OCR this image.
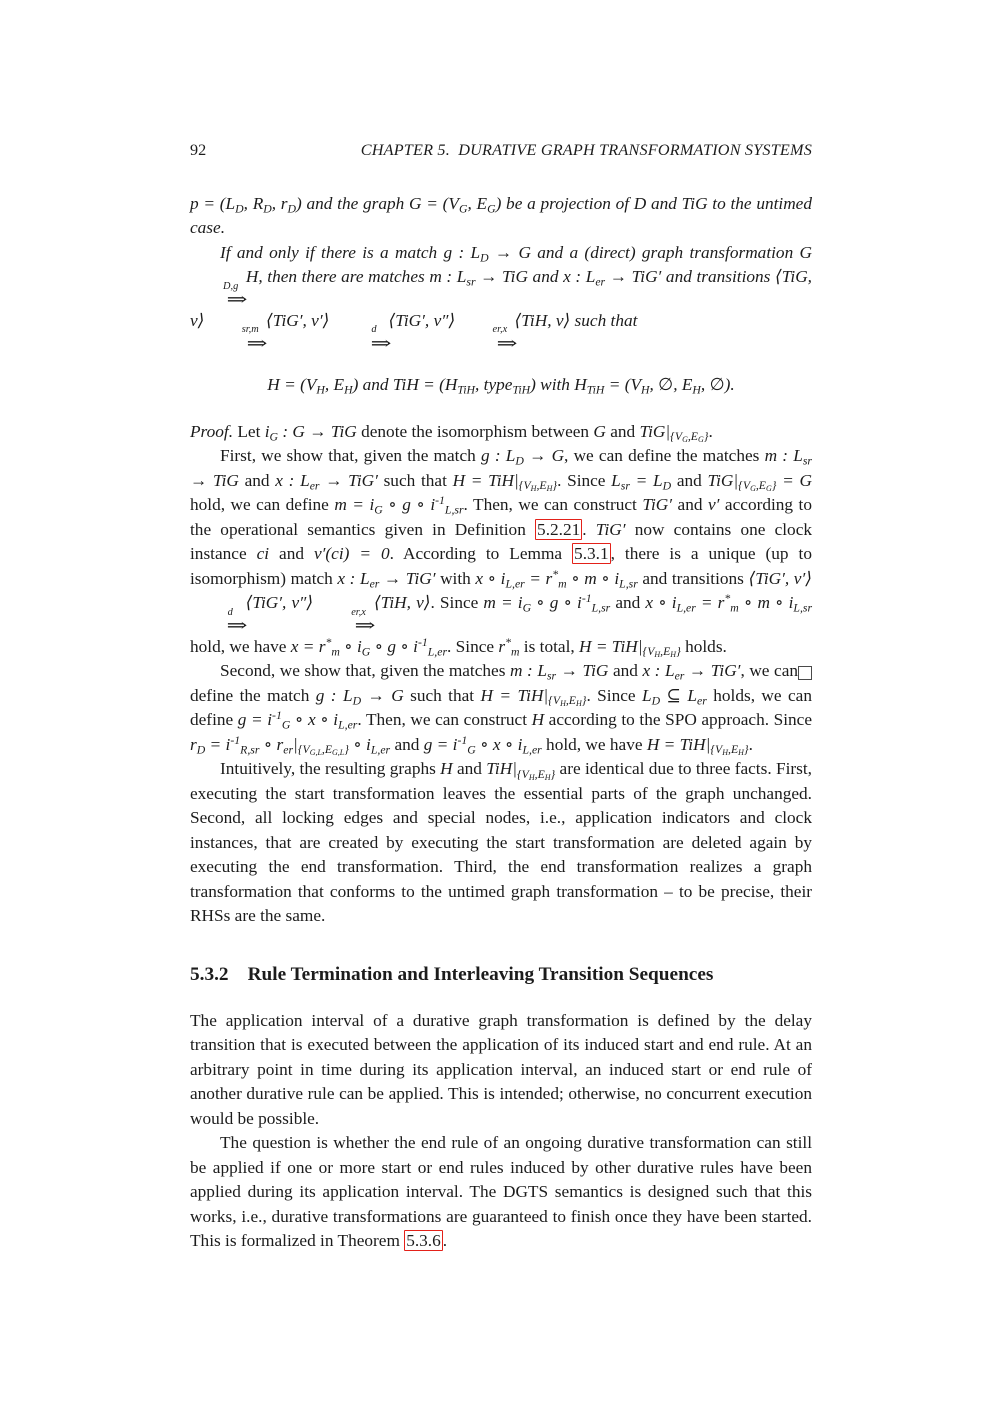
92	CHAPTER 5. DURATIVE GRAPH TRANSFORMATION SYSTEMS

$p = (L_D$, $R_D$, $r_D$) and the graph $G = (V_G$, $E_G$) be a projection of D and TiG to the untimed case.

If and only if there is a match g : $L_D \to G$ and a (direct) graph transformation G
D,g
⇒
H, then there are matches m : $L_{sr}$ → TiG and x : $L_{er} \to TiG'$ and transitions ⟨TiG, v⟩
sr,m
⇒
⟨TiG′, v′⟩
d
⇒
⟨TiG′, v″⟩
er,x
⇒
⟨TiH, v⟩ such that

$H = (V_H$, $E_H$) and TiH = ($H_{TiH}$, type$_{TiH}$) with $H_{TiH} = (V_H$, ∅, $E_H$, ∅).

Proof. Let $i_G$ : G → TiG denote the isomorphism between G and $TiG|_{\{V_G,E_G\}}$.

First, we show that, given the match g : $L_D \to G$, we can define the matches m : $L_{sr}$ → TiG and x : $L_{er} \to TiG'$ such that $H = TiH|_{\{V_H,E_H\}}$. Since $L_{sr} = L_D$ and $TiG|_{\{V_G,E_G\}} = G$ hold, we can define $m = i_G$ ∘ g ∘ $i^{-1}_{L,sr}$. Then, we can construct TiG′ and v′ according to the operational semantics given in Definition 5.2.21 . TiG′ now contains one clock instance ci and v′(ci) = 0. According to Lemma 5.3.1 , there is a unique (up to isomorphism) match x : $L_{er} \to TiG'$ with x ∘ $i_{L,er} = r^*_m$ ∘ m ∘ $i_{L,sr}$ and transitions ⟨TiG′, v′⟩
d
⇒
⟨TiG′, v″⟩
er,x
⇒
⟨TiH, v⟩. Since $m = i_G$ ∘ g ∘ $i^{-1}_{L,sr}$ and x ∘ $i_{L,er} = r^*_m$ ∘ m ∘ $i_{L,sr}$ hold, we have $x = r^*_m$ ∘ $i_G$ ∘ g ∘ $i^{-1}_{L,er}$. Since $r^*_m$ is total, $H = TiH|_{\{V_H,E_H\}}$ holds.

Second, we show that, given the matches m : $L_{sr}$ → TiG and x : $L_{er} \to TiG'$, we can define the match g : $L_D \to G$ such that $H = TiH|_{\{V_H,E_H\}}$. Since $L_D$ ⊆ $L_{er}$ holds, we can define $g = i^{-1}_G$ ∘ x ∘ $i_{L,er}$. Then, we can construct H according to the SPO approach. Since $r_D = i^{-1}_{R,sr}$ ∘ $r_{er}|_{\{V_{G,L},E_{G,L}\}}$ ∘ $i_{L,er}$ and $g = i^{-1}_G$ ∘ x ∘ $i_{L,er}$ hold, we have $H = TiH|_{\{V_H,E_H\}}$.

Intuitively, the resulting graphs H and $TiH|_{\{V_H,E_H\}}$ are identical due to three facts. First, executing the start transformation leaves the essential parts of the graph unchanged. Second, all locking edges and special nodes, i.e., application indicators and clock instances, that are created by executing the start transformation are deleted again by executing the end transformation. Third, the end transformation realizes a graph transformation that conforms to the untimed graph transformation – to be precise, their RHSs are the same.

5.3.2 Rule Termination and Interleaving Transition Sequences

The application interval of a durative graph transformation is defined by the delay transition that is executed between the application of its induced start and end rule. At an arbitrary point in time during its application interval, an induced start or end rule of another durative rule can be applied. This is intended; otherwise, no concurrent execution would be possible.

The question is whether the end rule of an ongoing durative transformation can still be applied if one or more start or end rules induced by other durative rules have been applied during its application interval. The DGTS semantics is designed such that this works, i.e., durative transformations are guaranteed to finish once they have been started. This is formalized in Theorem 5.3.6 .
